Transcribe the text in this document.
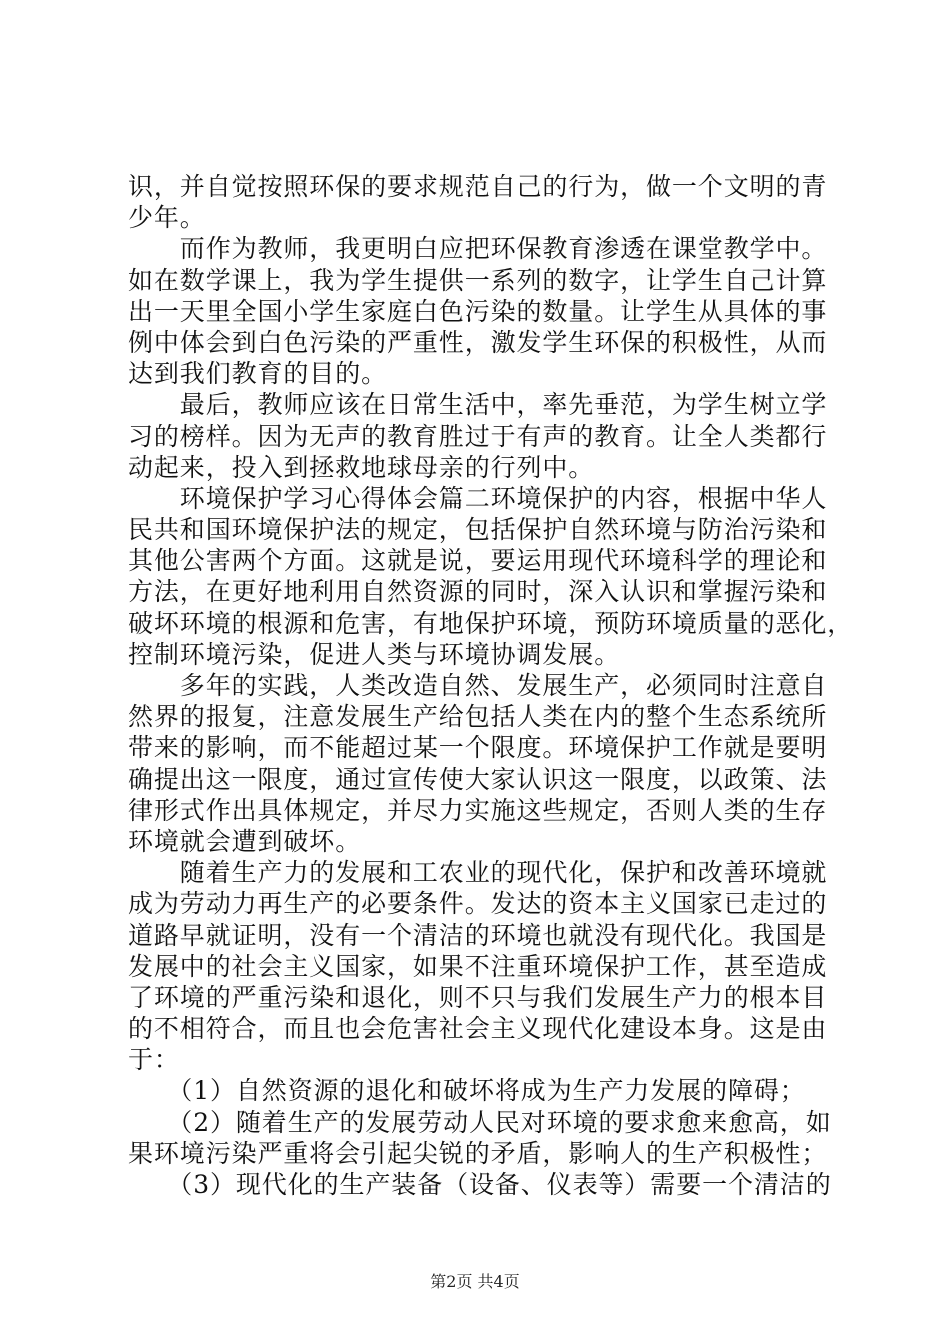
识，并自觉按照环保的要求规范自己的行为，做一个文明的青
少年。
　　而作为教师，我更明白应把环保教育渗透在课堂教学中。
如在数学课上，我为学生提供一系列的数字，让学生自己计算
出一天里全国小学生家庭白色污染的数量。让学生从具体的事
例中体会到白色污染的严重性，激发学生环保的积极性，从而
达到我们教育的目的。
　　最后，教师应该在日常生活中，率先垂范，为学生树立学
习的榜样。因为无声的教育胜过于有声的教育。让全人类都行
动起来，投入到拯救地球母亲的行列中。
　　环境保护学习心得体会篇二环境保护的内容，根据中华人
民共和国环境保护法的规定，包括保护自然环境与防治污染和
其他公害两个方面。这就是说，要运用现代环境科学的理论和
方法，在更好地利用自然资源的同时，深入认识和掌握污染和
破坏环境的根源和危害，有地保护环境，预防环境质量的恶化，
控制环境污染，促进人类与环境协调发展。
　　多年的实践，人类改造自然、发展生产，必须同时注意自
然界的报复，注意发展生产给包括人类在内的整个生态系统所
带来的影响，而不能超过某一个限度。环境保护工作就是要明
确提出这一限度，通过宣传使大家认识这一限度，以政策、法
律形式作出具体规定，并尽力实施这些规定，否则人类的生存
环境就会遭到破坏。
　　随着生产力的发展和工农业的现代化，保护和改善环境就
成为劳动力再生产的必要条件。发达的资本主义国家已走过的
道路早就证明，没有一个清洁的环境也就没有现代化。我国是
发展中的社会主义国家，如果不注重环境保护工作，甚至造成
了环境的严重污染和退化，则不只与我们发展生产力的根本目
的不相符合，而且也会危害社会主义现代化建设本身。这是由
于：
　　（1）自然资源的退化和破坏将成为生产力发展的障碍；
　　（2）随着生产的发展劳动人民对环境的要求愈来愈高，如
果环境污染严重将会引起尖锐的矛盾，影响人的生产积极性；
　　（3）现代化的生产装备（设备、仪表等）需要一个清洁的
第2页 共4页
